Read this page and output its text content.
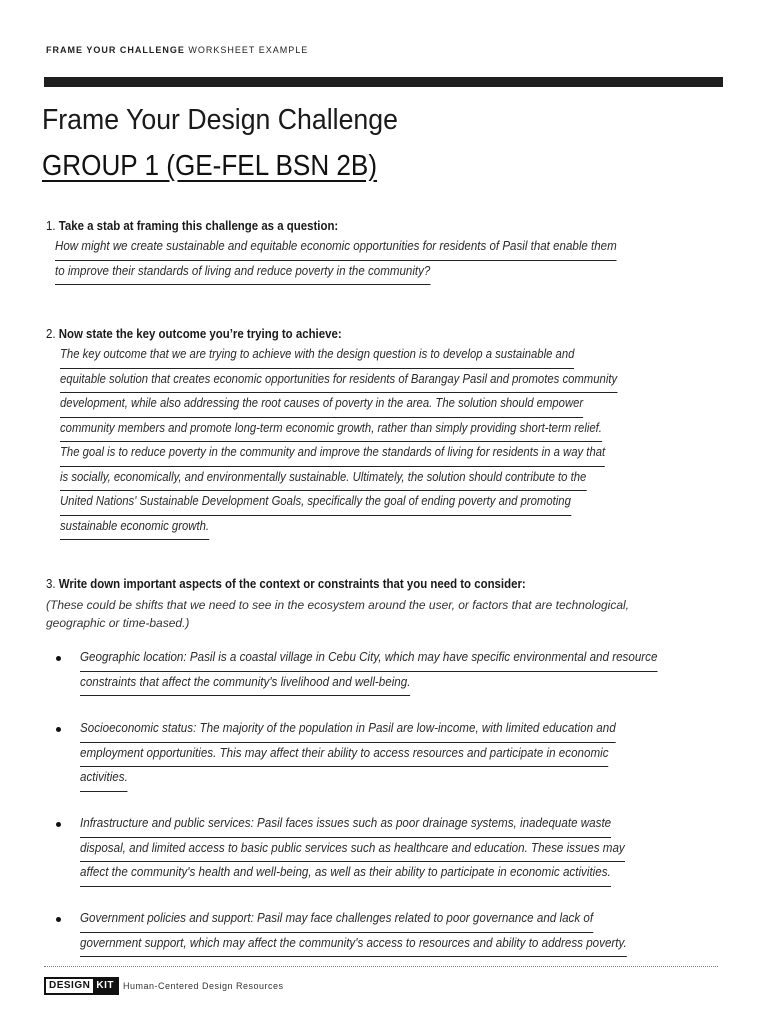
FRAME YOUR CHALLENGE WORKSHEET EXAMPLE
Frame Your Design Challenge
GROUP 1 (GE-FEL BSN 2B)
1. Take a stab at framing this challenge as a question:
How might we create sustainable and equitable economic opportunities for residents of Pasil that enable them
to improve their standards of living and reduce poverty in the community?
2. Now state the key outcome you’re trying to achieve:
The key outcome that we are trying to achieve with the design question is to develop a sustainable and
equitable solution that creates economic opportunities for residents of Barangay Pasil and promotes community
development, while also addressing the root causes of poverty in the area. The solution should empower
community members and promote long-term economic growth, rather than simply providing short-term relief.
The goal is to reduce poverty in the community and improve the standards of living for residents in a way that
is socially, economically, and environmentally sustainable. Ultimately, the solution should contribute to the
United Nations' Sustainable Development Goals, specifically the goal of ending poverty and promoting
sustainable economic growth.
3. Write down important aspects of the context or constraints that you need to consider:
(These could be shifts that we need to see in the ecosystem around the user, or factors that are technological, geographic or time-based.)
Geographic location: Pasil is a coastal village in Cebu City, which may have specific environmental and resource
constraints that affect the community's livelihood and well-being.
Socioeconomic status: The majority of the population in Pasil are low-income, with limited education and
employment opportunities. This may affect their ability to access resources and participate in economic
activities.
Infrastructure and public services: Pasil faces issues such as poor drainage systems, inadequate waste
disposal, and limited access to basic public services such as healthcare and education. These issues may
affect the community's health and well-being, as well as their ability to participate in economic activities.
Government policies and support: Pasil may face challenges related to poor governance and lack of
government support, which may affect the community's access to resources and ability to address poverty.
DESIGN KIT	Human-Centered Design Resources
